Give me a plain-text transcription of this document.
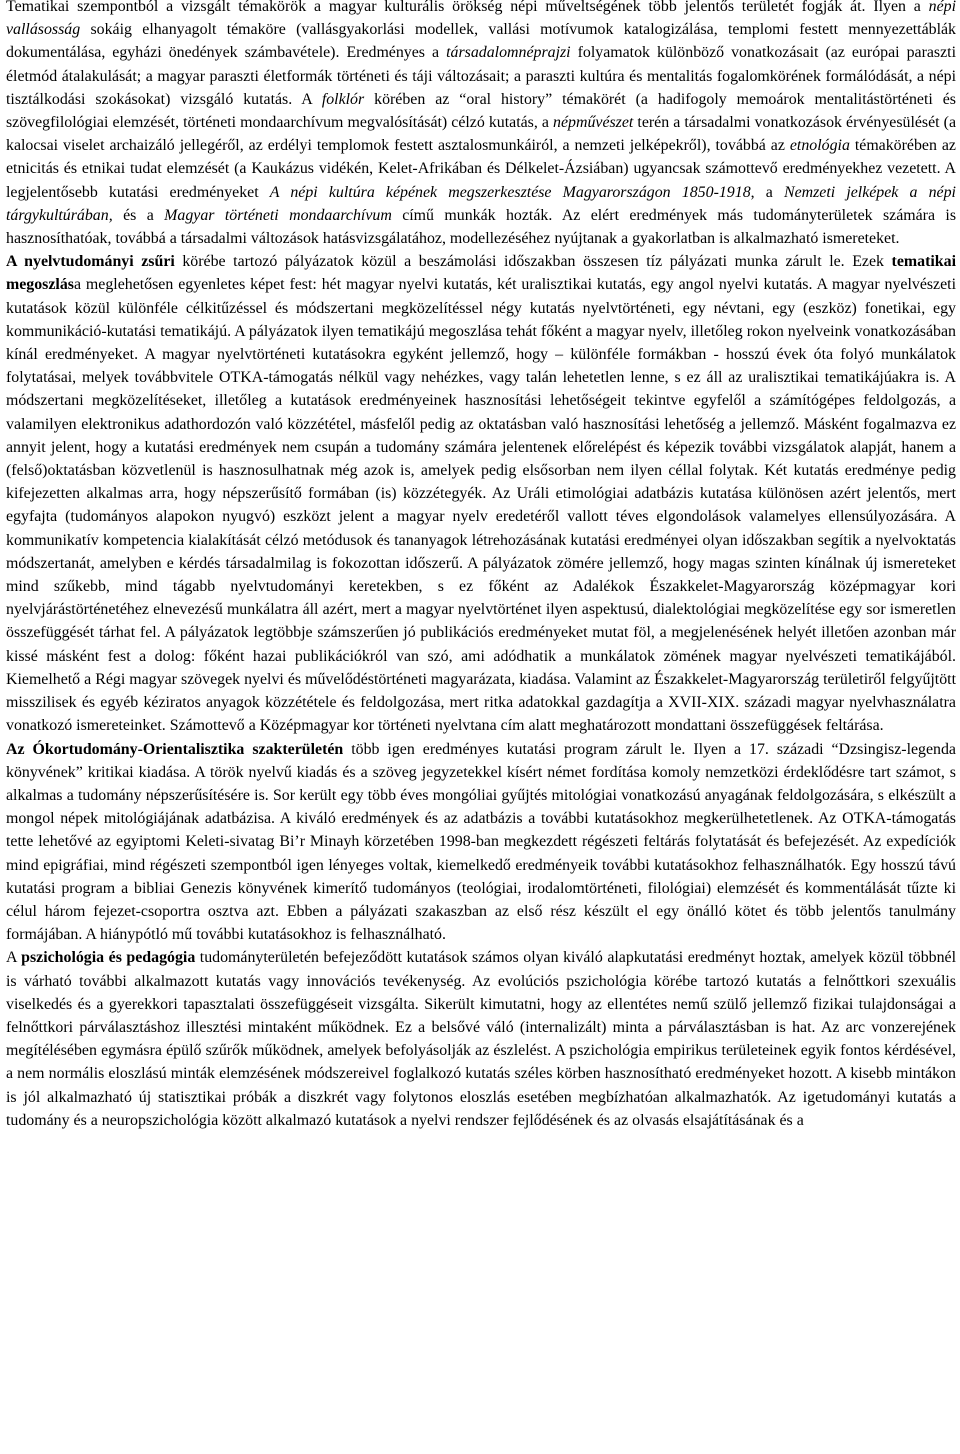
Tematikai szempontból a vizsgált témakörök a magyar kulturális örökség népi műveltségének több jelentős területét fogják át. Ilyen a népi vallásosság sokáig elhanyagolt témaköre (vallásgyakorlási modellek, vallási motívumok katalogizálása, templomi festett mennyezettáblák dokumentálása, egyházi önedények számbavétele). Eredményes a társadalomnéprajzi folyamatok különböző vonatkozásait (az európai paraszti életmód átalakulását; a magyar paraszti életformák történeti és táji változásait; a paraszti kultúra és mentalitás fogalomkörének formálódását, a népi tisztálkodási szokásokat) vizsgáló kutatás. A folklór körében az “oral history” témakörét (a hadifogoly memoárok mentalitástörténeti és szövegfilológiai elemzését, történeti mondaarchívum megvalósítását) célzó kutatás, a népművészet terén a társadalmi vonatkozások érvényesülését (a kalocsai viselet archaizáló jellegéről, az erdélyi templomok festett asztalosmunkáiról, a nemzeti jelképekről), továbbá az etnológia témakörében az etnicitás és etnikai tudat elemzését (a Kaukázus vidékén, Kelet-Afrikában és Délkelet-Ázsiában) ugyancsak számottevő eredményekhez vezetett. A legjelentősebb kutatási eredményeket A népi kultúra képének megszerkesztése Magyarországon 1850-1918, a Nemzeti jelképek a népi tárgykultúrában, és a Magyar történeti mondaarchívum című munkák hozták. Az elért eredmények más tudományterületek számára is hasznosíthatóak, továbbá a társadalmi változások hatásvizsgálatához, modellezéséhez nyújtanak a gyakorlatban is alkalmazható ismereteket.

A nyelvtudományi zsűri körébe tartozó pályázatok közül a beszámolási időszakban összesen tíz pályázati munka zárult le. Ezek tematikai megoszlása meglehetősen egyenletes képet fest: hét magyar nyelvi kutatás, két uralisztikai kutatás, egy angol nyelvi kutatás. A magyar nyelvészeti kutatások közül különféle célkitűzéssel és módszertani megközelítéssel négy kutatás nyelvtörténeti, egy névtani, egy (eszköz) fonetikai, egy kommunikáció-kutatási tematikájú. A pályázatok ilyen tematikájú megoszlása tehát főként a magyar nyelv, illetőleg rokon nyelveink vonatkozásában kínál eredményeket. A magyar nyelvtörténeti kutatásokra egyként jellemző, hogy – különféle formákban - hosszú évek óta folyó munkálatok folytatásai, melyek továbbvitele OTKA-támogatás nélkül vagy nehézkes, vagy talán lehetetlen lenne, s ez áll az uralisztikai tematikájúakra is. A módszertani megközelítéseket, illetőleg a kutatások eredményeinek hasznosítási lehetőségeit tekintve egyfelől a számítógépes feldolgozás, a valamilyen elektronikus adathordozón való közzététel, másfelől pedig az oktatásban való hasznosítási lehetőség a jellemző. Másként fogalmazva ez annyit jelent, hogy a kutatási eredmények nem csupán a tudomány számára jelentenek előrelépést és képezik további vizsgálatok alapját, hanem a (felső)oktatásban közvetlenül is hasznosulhatnak még azok is, amelyek pedig elsősorban nem ilyen céllal folytak. Két kutatás eredménye pedig kifejezetten alkalmas arra, hogy népszerűsítő formában (is) közzétegyék. Az Uráli etimológiai adatbázis kutatása különösen azért jelentős, mert egyfajta (tudományos alapokon nyugvó) eszközt jelent a magyar nyelv eredetéről vallott téves elgondolások valamelyes ellensúlyozására. A kommunikatív kompetencia kialakítását célzó metódusok és tananyagok létrehozásának kutatási eredményei olyan időszakban segítik a nyelvoktatás módszertanát, amelyben e kérdés társadalmilag is fokozottan időszerű. A pályázatok zömére jellemző, hogy magas szinten kínálnak új ismereteket mind szűkebb, mind tágabb nyelvtudományi keretekben, s ez főként az Adalékok Északkelet-Magyarország középmagyar kori nyelvjárástörténetéhez elnevezésű munkálatra áll azért, mert a magyar nyelvtörténet ilyen aspektusú, dialektológiai megközelítése egy sor ismeretlen összefüggését tárhat fel. A pályázatok legtöbbje számszerűen jó publikációs eredményeket mutat föl, a megjelenésének helyét illetően azonban már kissé másként fest a dolog: főként hazai publikációkról van szó, ami adódhatik a munkálatok zömének magyar nyelvészeti tematikájából. Kiemelhető a Régi magyar szövegek nyelvi és művelődéstörténeti magyarázata, kiadása. Valamint az Északkelet-Magyarország területiről felgyűjtött misszilisek és egyéb kéziratos anyagok közzététele és feldolgozása, mert ritka adatokkal gazdagítja a XVII-XIX. századi magyar nyelvhasználatra vonatkozó ismereteinket. Számottevő a Középmagyar kor történeti nyelvtana cím alatt meghatározott mondattani összefüggések feltárása.

Az Ókortudomány-Orientalisztika szakterületén több igen eredményes kutatási program zárult le. Ilyen a 17. századi “Dzsingisz-legenda könyvének” kritikai kiadása. A török nyelvű kiadás és a szöveg jegyzetekkel kísért német fordítása komoly nemzetközi érdeklődésre tart számot, s alkalmas a tudomány népszerűsítésére is. Sor került egy több éves mongóliai gyűjtés mitológiai vonatkozású anyagának feldolgozására, s elkészült a mongol népek mitológiájának adatbázisa. A kiváló eredmények és az adatbázis a további kutatásokhoz megkerülhetetlenek. Az OTKA-támogatás tette lehetővé az egyiptomi Keleti-sivatag Bi’r Minayh körzetében 1998-ban megkezdett régészeti feltárás folytatását és befejezését. Az expedíciók mind epigráfiai, mind régészeti szempontból igen lényeges voltak, kiemelkedő eredményeik további kutatásokhoz felhasználhatók. Egy hosszú távú kutatási program a bibliai Genezis könyvének kimerítő tudományos (teológiai, irodalomtörténeti, filológiai) elemzését és kommentálását tűzte ki célul három fejezet-csoportra osztva azt. Ebben a pályázati szakaszban az első rész készült el egy önálló kötet és több jelentős tanulmány formájában. A hiánypótló mű további kutatásokhoz is felhasználható.

A pszichológia és pedagógia tudományterületén befejeződött kutatások számos olyan kiváló alapkutatási eredményt hoztak, amelyek közül többnél is várható további alkalmazott kutatás vagy innovációs tevékenység. Az evolúciós pszichológia körébe tartozó kutatás a felnőttkori szexuális viselkedés és a gyerekkori tapasztalati összefüggéseit vizsgálta. Sikerült kimutatni, hogy az ellentétes nemű szülő jellemző fizikai tulajdonságai a felnőttkori párválasztáshoz illesztési mintaként működnek. Ez a belsővé váló (internalizált) minta a párválasztásban is hat. Az arc vonzerejének megítélésében egymásra épülő szűrők működnek, amelyek befolyásolják az észlelést. A pszichológia empirikus területeinek egyik fontos kérdésével, a nem normális eloszlású minták elemzésének módszereivel foglalkozó kutatás széles körben hasznosítható eredményeket hozott. A kisebb mintákon is jól alkalmazható új statisztikai próbák a diszkrét vagy folytonos eloszlás esetében megbízhatóan alkalmazhatók. Az igetudományi kutatás a tudomány és a neuropszichológia között alkalmazó kutatások a nyelvi rendszer fejlődésének és az olvasás elsajátításának és a
